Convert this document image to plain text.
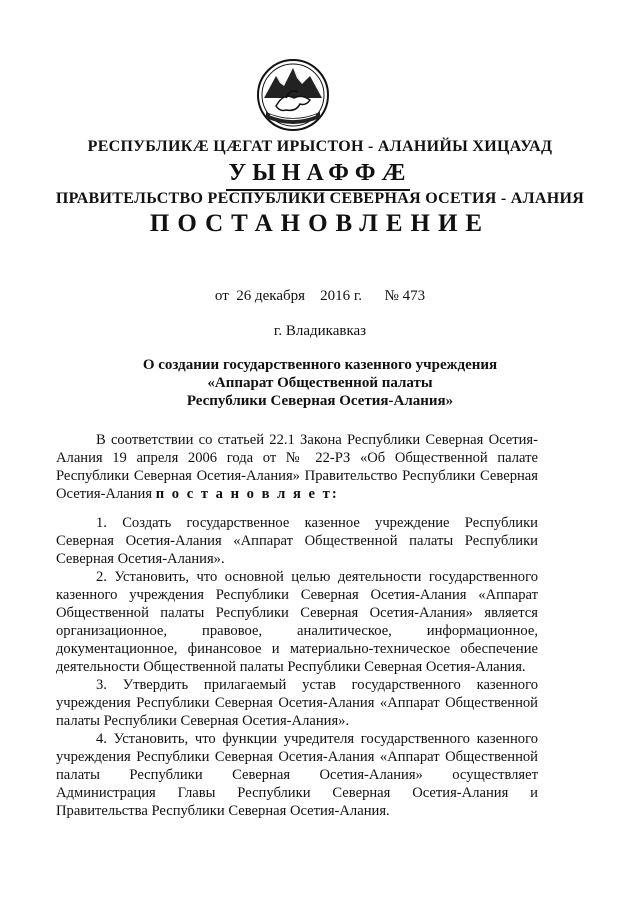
РЕСПУБЛИКӔ ЦӔГАТ ИРЫСТОН - АЛАНИЙЫ ХИЦАУАД
УЫНАФФӔ
ПРАВИТЕЛЬСТВО РЕСПУБЛИКИ СЕВЕРНАЯ ОСЕТИЯ - АЛАНИЯ
ПОСТАНОВЛЕНИЕ
от 26 декабря 2016 г. № 473
г. Владикавказ
О создании государственного казенного учреждения
«Аппарат Общественной палаты
Республики Северная Осетия-Алания»

В соответствии со статьей 22.1 Закона Республики Северная Осетия-Алания 19 апреля 2006 года от № 22-РЗ «Об Общественной палате Республики Северная Осетия-Алания» Правительство Республики Северная Осетия-Алания п о с т а н о в л я е т:

1. Создать государственное казенное учреждение Республики Северная Осетия-Алания «Аппарат Общественной палаты Республики Северная Осетия-Алания».

2. Установить, что основной целью деятельности государственного казенного учреждения Республики Северная Осетия-Алания «Аппарат Общественной палаты Республики Северная Осетия-Алания» является организационное, правовое, аналитическое, информационное, документационное, финансовое и материально-техническое обеспечение деятельности Общественной палаты Республики Северная Осетия-Алания.

3. Утвердить прилагаемый устав государственного казенного учреждения Республики Северная Осетия-Алания «Аппарат Общественной палаты Республики Северная Осетия-Алания».

4. Установить, что функции учредителя государственного казенного учреждения Республики Северная Осетия-Алания «Аппарат Общественной палаты Республики Северная Осетия-Алания» осуществляет Администрация Главы Республики Северная Осетия-Алания и Правительства Республики Северная Осетия-Алания.
